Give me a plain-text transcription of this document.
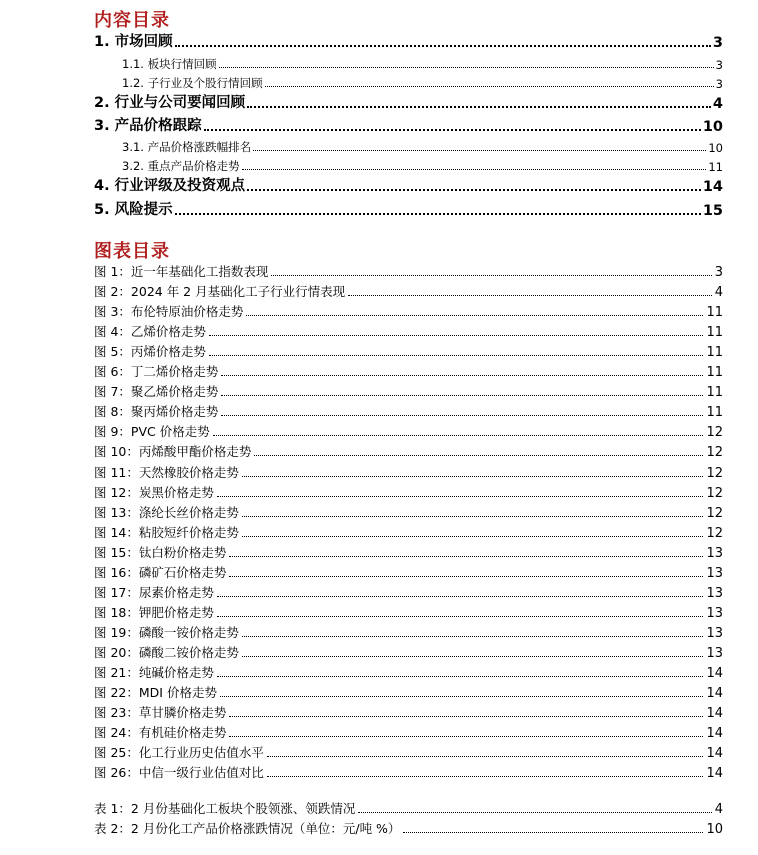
内容目录
1. 市场回顾	3
1.1. 板块行情回顾	3
1.2. 子行业及个股行情回顾	3
2. 行业与公司要闻回顾	4
3. 产品价格跟踪	10
3.1. 产品价格涨跌幅排名	10
3.2. 重点产品价格走势	11
4. 行业评级及投资观点	14
5. 风险提示	15
图表目录
图 1：近一年基础化工指数表现	3
图 2：2024 年 2 月基础化工子行业行情表现	4
图 3：布伦特原油价格走势	11
图 4：乙烯价格走势	11
图 5：丙烯价格走势	11
图 6：丁二烯价格走势	11
图 7：聚乙烯价格走势	11
图 8：聚丙烯价格走势	11
图 9：PVC 价格走势	12
图 10：丙烯酸甲酯价格走势	12
图 11：天然橡胶价格走势	12
图 12：炭黑价格走势	12
图 13：涤纶长丝价格走势	12
图 14：粘胶短纤价格走势	12
图 15：钛白粉价格走势	13
图 16：磷矿石价格走势	13
图 17：尿素价格走势	13
图 18：钾肥价格走势	13
图 19：磷酸一铵价格走势	13
图 20：磷酸二铵价格走势	13
图 21：纯碱价格走势	14
图 22：MDI 价格走势	14
图 23：草甘膦价格走势	14
图 24：有机硅价格走势	14
图 25：化工行业历史估值水平	14
图 26：中信一级行业估值对比	14
表 1：2 月份基础化工板块个股领涨、领跌情况	4
表 2：2 月份化工产品价格涨跌情况（单位：元/吨 %）	10
